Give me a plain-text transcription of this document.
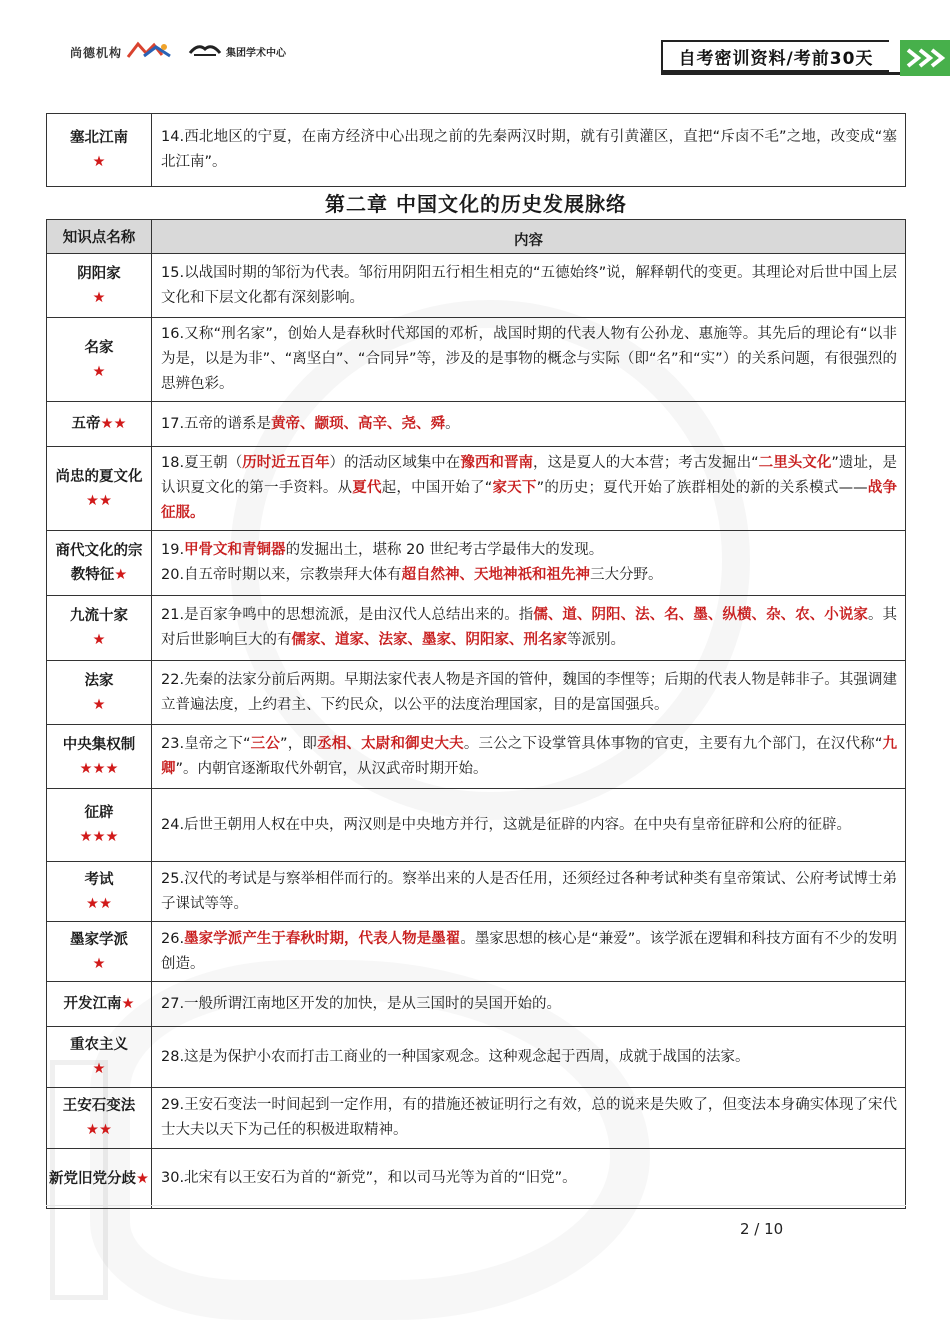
尚德机构	集团学术中心	自考密训资料/考前30天
塞北江南
★
	14.西北地区的宁夏，在南方经济中心出现之前的先秦两汉时期，就有引黄灌区，直把“斥卤不毛”之地，改变成“塞北江南”。
第二章 中国文化的历史发展脉络
知识点名称	内容
阴阳家
★	15.以战国时期的邹衍为代表。邹衍用阴阳五行相生相克的“五德始终”说，解释朝代的变更。其理论对后世中国上层文化和下层文化都有深刻影响。
名家
★	16.又称“刑名家”，创始人是春秋时代郑国的邓析，战国时期的代表人物有公孙龙、惠施等。其先后的理论有“以非为是，以是为非”、“离坚白”、“合同异”等，涉及的是事物的概念与实际（即“名”和“实”）的关系问题，有很强烈的思辨色彩。
五帝★★	17.五帝的谱系是黄帝、颛顼、高辛、尧、舜。
尚忠的夏文化
★★	18.夏王朝（历时近五百年）的活动区域集中在豫西和晋南，这是夏人的大本营；考古发掘出“二里头文化”遗址，是认识夏文化的第一手资料。从夏代起，中国开始了“家天下”的历史；夏代开始了族群相处的新的关系模式——战争征服。
商代文化的宗教特征★	19.甲骨文和青铜器的发掘出土，堪称 20 世纪考古学最伟大的发现。
20.自五帝时期以来，宗教崇拜大体有超自然神、天地神祇和祖先神三大分野。
九流十家
★	21.是百家争鸣中的思想流派，是由汉代人总结出来的。指儒、道、阴阳、法、名、墨、纵横、杂、农、小说家。其对后世影响巨大的有儒家、道家、法家、墨家、阴阳家、刑名家等派别。
法家
★	22.先秦的法家分前后两期。早期法家代表人物是齐国的管仲，魏国的李悝等；后期的代表人物是韩非子。其强调建立普遍法度，上约君主、下约民众，以公平的法度治理国家，目的是富国强兵。
中央集权制
★★★	23.皇帝之下“三公”，即丞相、太尉和御史大夫。三公之下设掌管具体事物的官吏，主要有九个部门，在汉代称“九卿”。内朝官逐渐取代外朝官，从汉武帝时期开始。
征辟
★★★	24.后世王朝用人权在中央，两汉则是中央地方并行，这就是征辟的内容。在中央有皇帝征辟和公府的征辟。
考试
★★	25.汉代的考试是与察举相伴而行的。察举出来的人是否任用，还须经过各种考试种类有皇帝策试、公府考试博士弟子课试等等。
墨家学派
★	26.墨家学派产生于春秋时期，代表人物是墨翟。墨家思想的核心是“兼爱”。该学派在逻辑和科技方面有不少的发明创造。
开发江南★	27.一般所谓江南地区开发的加快，是从三国时的吴国开始的。
重农主义
★	28.这是为保护小农而打击工商业的一种国家观念。这种观念起于西周，成就于战国的法家。
王安石变法
★★	29.王安石变法一时间起到一定作用，有的措施还被证明行之有效，总的说来是失败了，但变法本身确实体现了宋代士大夫以天下为己任的积极进取精神。
新党旧党分歧★	30.北宋有以王安石为首的“新党”，和以司马光等为首的“旧党”。
2 / 10
